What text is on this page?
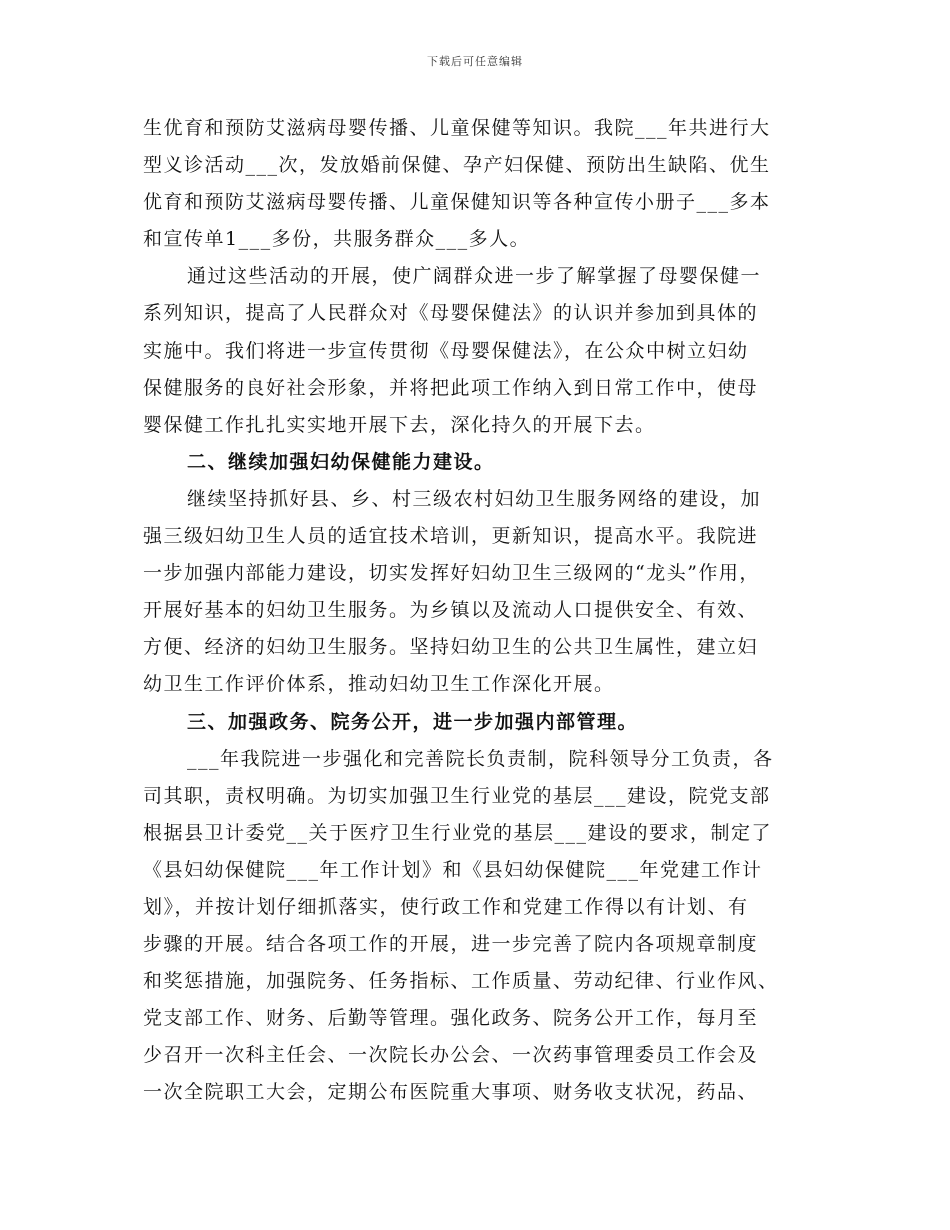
下载后可任意编辑
生优育和预防艾滋病母婴传播、儿童保健等知识。我院___年共进行大
型义诊活动___次，发放婚前保健、孕产妇保健、预防出生缺陷、优生
优育和预防艾滋病母婴传播、儿童保健知识等各种宣传小册子___多本
和宣传单1___多份，共服务群众___多人。
通过这些活动的开展，使广阔群众进一步了解掌握了母婴保健一
系列知识，提高了人民群众对《母婴保健法》的认识并参加到具体的
实施中。我们将进一步宣传贯彻《母婴保健法》，在公众中树立妇幼
保健服务的良好社会形象，并将把此项工作纳入到日常工作中，使母
婴保健工作扎扎实实地开展下去，深化持久的开展下去。
二、继续加强妇幼保健能力建设。
继续坚持抓好县、乡、村三级农村妇幼卫生服务网络的建设，加
强三级妇幼卫生人员的适宜技术培训，更新知识，提高水平。我院进
一步加强内部能力建设，切实发挥好妇幼卫生三级网的“龙头”作用，
开展好基本的妇幼卫生服务。为乡镇以及流动人口提供安全、有效、
方便、经济的妇幼卫生服务。坚持妇幼卫生的公共卫生属性，建立妇
幼卫生工作评价体系，推动妇幼卫生工作深化开展。
三、加强政务、院务公开，进一步加强内部管理。
___年我院进一步强化和完善院长负责制，院科领导分工负责，各
司其职，责权明确。为切实加强卫生行业党的基层___建设，院党支部
根据县卫计委党__关于医疗卫生行业党的基层___建设的要求，制定了
《县妇幼保健院___年工作计划》和《县妇幼保健院___年党建工作计
划》，并按计划仔细抓落实，使行政工作和党建工作得以有计划、有
步骤的开展。结合各项工作的开展，进一步完善了院内各项规章制度
和奖惩措施，加强院务、任务指标、工作质量、劳动纪律、行业作风、
党支部工作、财务、后勤等管理。强化政务、院务公开工作，每月至
少召开一次科主任会、一次院长办公会、一次药事管理委员工作会及
一次全院职工大会，定期公布医院重大事项、财务收支状况，药品、
